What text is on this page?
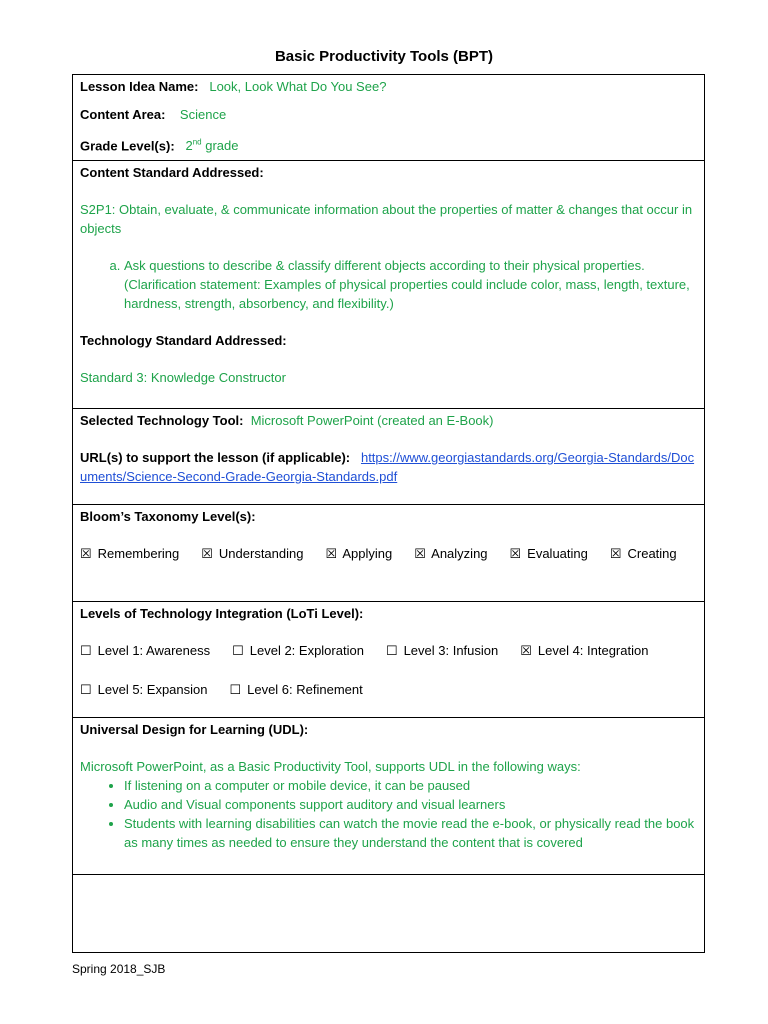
Basic Productivity Tools (BPT)
Lesson Idea Name: Look, Look What Do You See?
Content Area: Science
Grade Level(s): 2nd grade
Content Standard Addressed:
S2P1: Obtain, evaluate, & communicate information about the properties of matter & changes that occur in objects
a. Ask questions to describe & classify different objects according to their physical properties. (Clarification statement: Examples of physical properties could include color, mass, length, texture, hardness, strength, absorbency, and flexibility.)
Technology Standard Addressed:
Standard 3: Knowledge Constructor
Selected Technology Tool: Microsoft PowerPoint (created an E-Book)
URL(s) to support the lesson (if applicable): https://www.georgiastandards.org/Georgia-Standards/Documents/Science-Second-Grade-Georgia-Standards.pdf
Bloom’s Taxonomy Level(s):
☒ Remembering ☒ Understanding ☒ Applying ☒ Analyzing ☒ Evaluating ☒ Creating
Levels of Technology Integration (LoTi Level):
☐ Level 1: Awareness ☐ Level 2: Exploration ☐ Level 3: Infusion ☒ Level 4: Integration
☐ Level 5: Expansion ☐ Level 6: Refinement
Universal Design for Learning (UDL):
Microsoft PowerPoint, as a Basic Productivity Tool, supports UDL in the following ways:
• If listening on a computer or mobile device, it can be paused
• Audio and Visual components support auditory and visual learners
• Students with learning disabilities can watch the movie read the e-book, or physically read the book as many times as needed to ensure they understand the content that is covered
Spring 2018_SJB
